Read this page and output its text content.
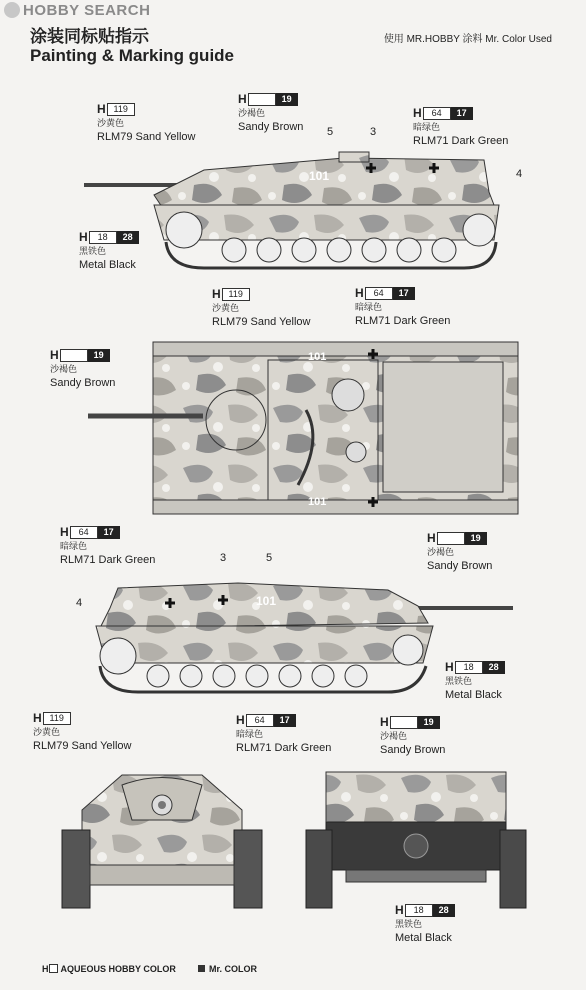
HOBBY SEARCH
涂装同标贴指示
Painting & Marking guide
使用 MR.HOBBY 涂料 Mr. Color Used
101
5	3
4
H 119
沙黄色
RLM79 Sand Yellow
H	19
沙褐色
Sandy Brown
H	64	17
暗绿色
RLM71 Dark Green
H	18	28
黑铁色
Metal Black
101
101
H 119
沙黄色
RLM79 Sand Yellow
H	64	17
暗绿色
RLM71 Dark Green
H	19
沙褐色
Sandy Brown
101
3	5
4
H	64	17
暗绿色
RLM71 Dark Green
H	19
沙褐色
Sandy Brown
H	18	28
黑铁色
Metal Black
H 119
沙黄色
RLM79 Sand Yellow
H	64	17
暗绿色
RLM71 Dark Green
H	19
沙褐色
Sandy Brown
H	18	28
黑铁色
Metal Black
H AQUEOUS HOBBY COLOR	Mr. COLOR
